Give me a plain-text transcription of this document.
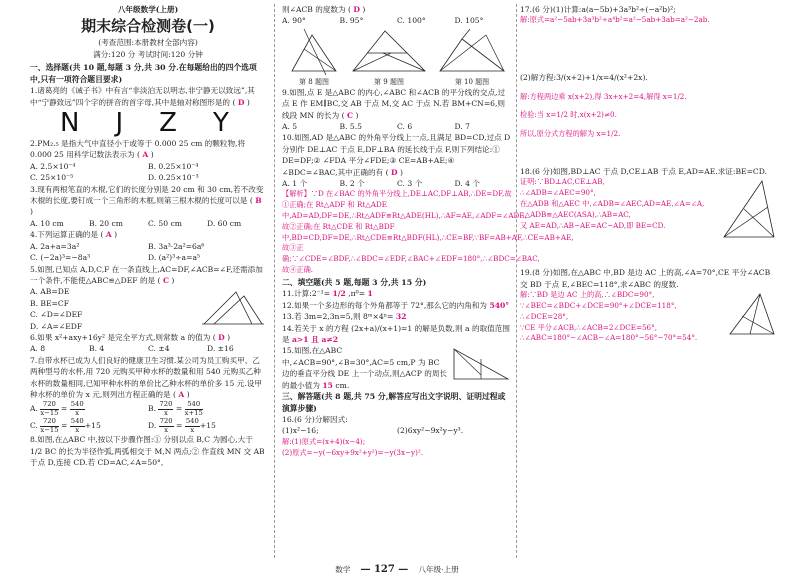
八年级数学(上册)

期末综合检测卷(一)

(考查范围:本册教材全部内容)

满分:120 分 考试时间:120 分钟

一、选择题(共 10 题,每题 3 分,共 30 分.在每题给出的四个选项中,只有一项符合题目要求)

1.诸葛亮的《诫子书》中有言“非淡泊无以明志,非宁静无以致远”,其中“宁静致远”四个字的拼音的首字母,其中是轴对称图形是的 ( D )

N J Z Y

2.PM₂.₅ 是指大气中直径小于或等于 0.000 25 cm 的颗粒物,将 0.000 25 用科学记数法表示为 ( A )

A. 2.5×10⁻⁴	B. 0.25×10⁻⁴
C. 25×10⁻⁵	D. 0.25×10⁻³

3.现有两根笔直的木棍,它们的长度分别是 20 cm 和 30 cm,若不改变木棍的长度,要钉成一个三角形的木框,则第三根木棍的长度可以是 ( B )

A. 10 cm	B. 20 cm	C. 50 cm	D. 60 cm

4.下列运算正确的是 ( A )

A. 2a+a=3a²	B. 3a³·2a²=6a⁶
C. (−2a)³=−8a³	D. (a²)³÷a=a⁵

5.如图,已知点 A,D,C,F 在一条直线上,AC=DF,∠ACB=∠F,还需添加一个条件,不能使△ABC≌△DEF 的是 ( C )

A. AB=DE

B. BE=CF

C. ∠D=∠DEF

D. ∠A=∠EDF

6.如果 x²+axy+16y² 是完全平方式,则常数 a 的值为 ( D )

A. 8	B. 4	C. ±4	D. ±16

7.自带水杯已成为人们良好的健康卫生习惯.某公司为员工购买甲、乙两种型号的水杯,用 720 元购买甲种水杯的数量和用 540 元购买乙种水杯的数量相同,已知甲种水杯的单价比乙种水杯的单价多 15 元.设甲种水杯的单价为 x 元,则列出方程正确的是 ( A )

A. 720
x−15 = 540
x	B. 720
x = 540
x+15
C. 720
x−15 = 540
x +15	D. 720
x = 540
x +15

8.如图,在△ABC 中,按以下步骤作图:① 分别以点 B,C 为圆心,大于 1/2 BC 的长为半径作弧,两弧相交于 M,N 两点;② 作直线 MN 交 AB 于点 D,连接 CD.若 CD=AC,∠A=50°,

则∠ACB 的度数为 ( D )

A. 90°	B. 95°	C. 100°	D. 105°

第 8 题图	第 9 题图	第 10 题图

9.如图,点 E 是△ABC 的内心,∠ABC 和∠ACB 的平分线的交点,过点 E 作 EM∥BC,交 AB 于点 M,交 AC 于点 N.若 BM+CN=6,则线段 MN 的长为 ( C )

A. 5	B. 5.5	C. 6	D. 7

10.如图,AD 是△ABC 的外角平分线上一点,且满足 BD=CD,过点 D 分别作 DE⊥AC 于点 E,DF⊥BA 的延长线于点 F,则下列结论:① DE=DF;② ∠FDA 平分∠FDE;③ CE=AB+AE;④ ∠BDC=∠BAC,其中正确的有 ( D )

A. 1 个	B. 2 个	C. 3 个	D. 4 个

【解析】∵D 在∠BAC 的外角平分线上,DE⊥AC,DF⊥AB,∴DE=DF,故①正确;在 Rt△ADF 和 Rt△ADE 中,AD=AD,DF=DE,∴Rt△ADF≌Rt△ADE(HL),∴AF=AE,∠ADF=∠ADE,故②正确;在 Rt△CDE 和 Rt△BDF 中,BD=CD,DF=DE,∴Rt△CDE≌Rt△BDF(HL),∴CE=BF,∵BF=AB+AF,∴CE=AB+AE,故③正确;∵∠CDE=∠BDF,∴∠BDC=∠EDF,∠BAC+∠EDF=180°,∴∠BDC=∠BAC,故④正确.

二、填空题(共 5 题,每题 3 分,共 15 分)

11.计算:2⁻¹= 1/2 ,π⁰= 1

12.如果一个多边形的每个外角都等于 72°,那么它的内角和为 540°

13.若 3m=2,3n=5,则 8ᵐ×4ⁿ= 32

14.若关于 x 的方程 (2x+a)/(x+1)=1 的解是负数,则 a 的取值范围是 a>1 且 a≠2

15.如图,在△ABC 中,∠ACB=90°,∠B=30°,AC=5 cm,P 为 BC 边的垂直平分线 DE 上一个动点,则△ACP 的周长的最小值为 15 cm.

三、解答题(共 8 题,共 75 分,解答应写出文字说明、证明过程或演算步骤)

16.(6 分)分解因式:

(1)x²−16;	(2)6xy²−9x²y−y³.

解:(1)原式=(x+4)(x−4);

(2)原式=−y(−6xy+9x²+y²)=−y(3x−y)².

17.(6 分)(1)计算:a(a−5b)+3a³b²÷(−a²b)²;

解:原式=a²−5ab+3a³b²÷a⁴b²=a²−5ab+3ab=a²−2ab.

(2)解方程:3/(x+2)+1/x=4/(x²+2x).

解:方程两边乘 x(x+2),得 3x+x+2=4,解得 x=1/2.

检验:当 x=1/2 时,x(x+2)≠0.

所以,原分式方程的解为 x=1/2.

18.(6 分)如图,BD⊥AC 于点 D,CE⊥AB 于点 E,AD=AE.求证:BE=CD.

证明:∵BD⊥AC,CE⊥AB,

∴∠ADB=∠AEC=90°,

在△ADB 和△AEC 中,∠ADB=∠AEC,AD=AE,∠A=∠A,

∴△ADB≌△AEC(ASA),∴AB=AC,

又 AE=AD,∴AB−AE=AC−AD,即 BE=CD.

19.(8 分)如图,在△ABC 中,BD 是边 AC 上的高,∠A=70°,CE 平分∠ACB 交 BD 于点 E,∠BEC=118°,求∠ABC 的度数.

解:∵BD 是边 AC 上的高,∴∠BDC=90°,

∵∠BEC=∠BDC+∠DCE=90°+∠DCE=118°,

∴∠DCE=28°,

∵CE 平分∠ACB,∴∠ACB=2∠DCE=56°,

∴∠ABC=180°−∠ACB−∠A=180°−56°−70°=54°.

数学 — 127 — 八年级·上册
